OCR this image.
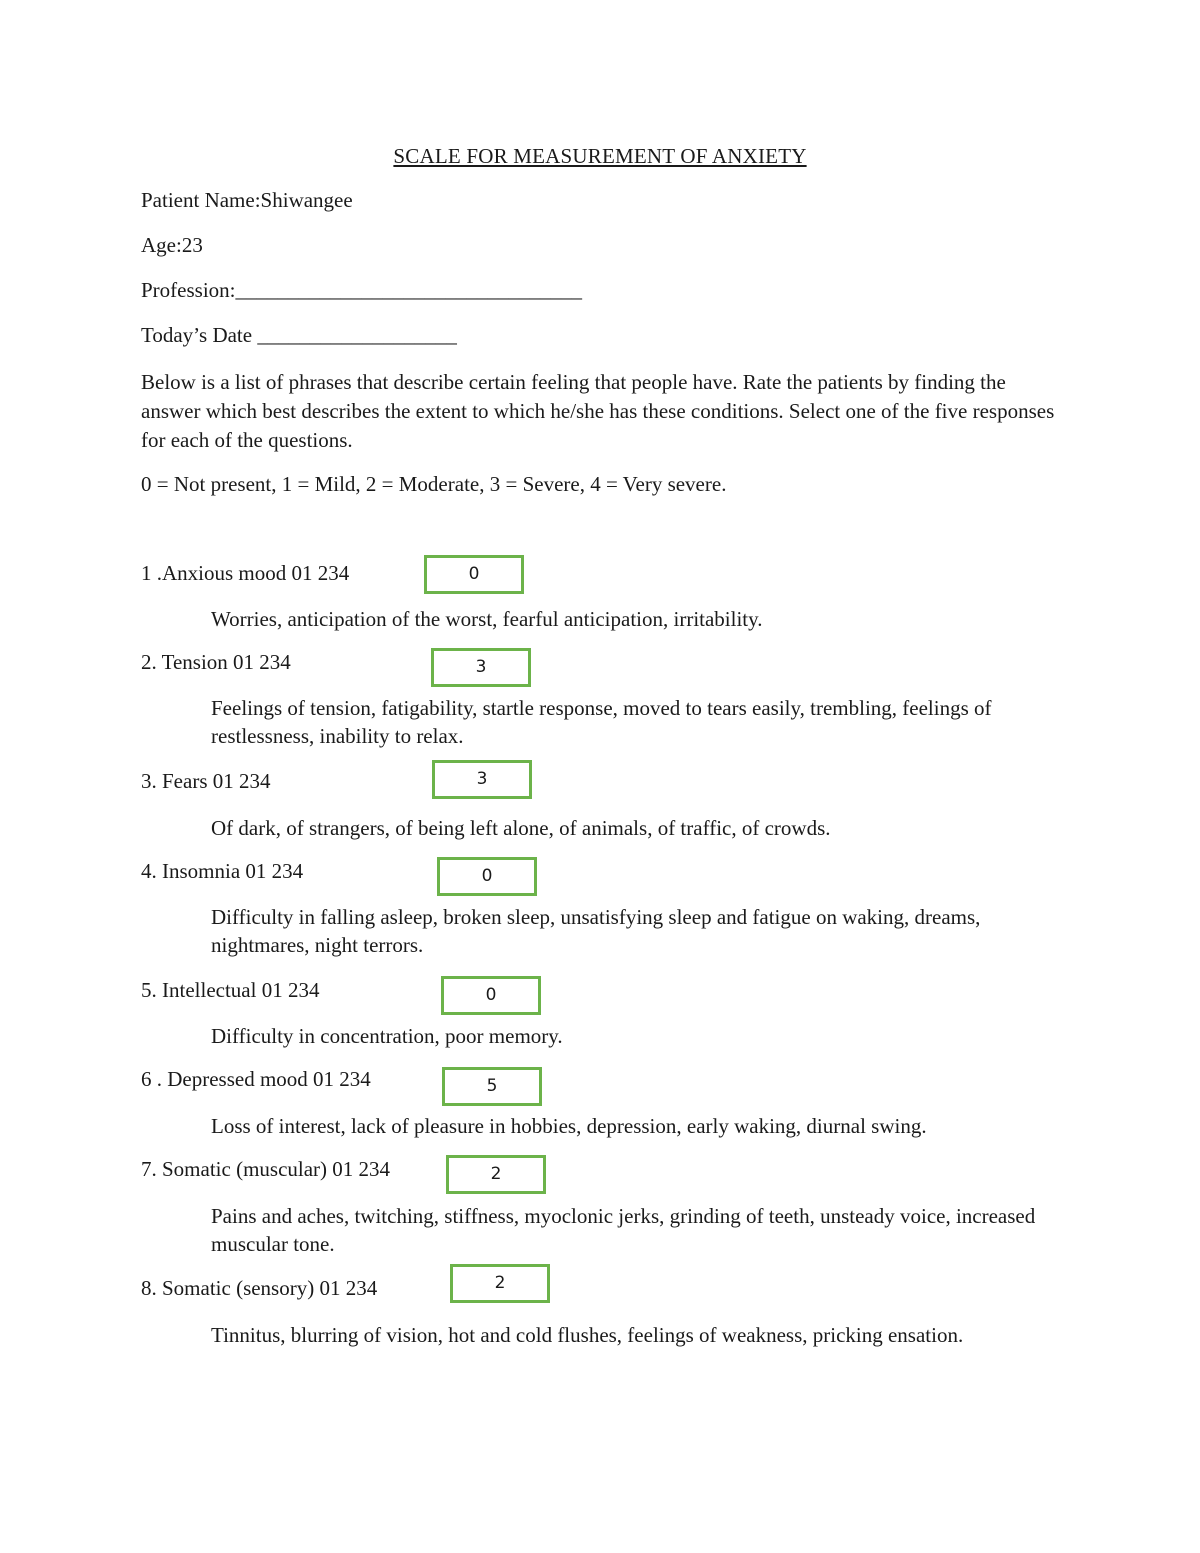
SCALE FOR MEASUREMENT OF ANXIETY
Patient Name:Shiwangee
Age:23
Profession:_________________________________
Today’s Date ___________________
Below is a list of phrases that describe certain feeling that people have. Rate the patients by finding the answer which best describes the extent to which he/she has these conditions. Select one of the five responses for each of the questions.
0 = Not present, 1 = Mild, 2 = Moderate, 3 = Severe, 4 = Very severe.
1 .Anxious mood 01 234	0
Worries, anticipation of the worst, fearful anticipation, irritability.
2. Tension 01 234	3
Feelings of tension, fatigability, startle response, moved to tears easily, trembling, feelings of restlessness, inability to relax.
3. Fears 01 234	3
Of dark, of strangers, of being left alone, of animals, of traffic, of crowds.
4. Insomnia 01 234	0
Difficulty in falling asleep, broken sleep, unsatisfying sleep and fatigue on waking, dreams, nightmares, night terrors.
5. Intellectual 01 234	0
Difficulty in concentration, poor memory.
6 . Depressed mood 01 234	5
Loss of interest, lack of pleasure in hobbies, depression, early waking, diurnal swing.
7. Somatic (muscular) 01 234	2
Pains and aches, twitching, stiffness, myoclonic jerks, grinding of teeth, unsteady voice, increased muscular tone.
8. Somatic (sensory) 01 234	2
Tinnitus, blurring of vision, hot and cold flushes, feelings of weakness, pricking ensation.
